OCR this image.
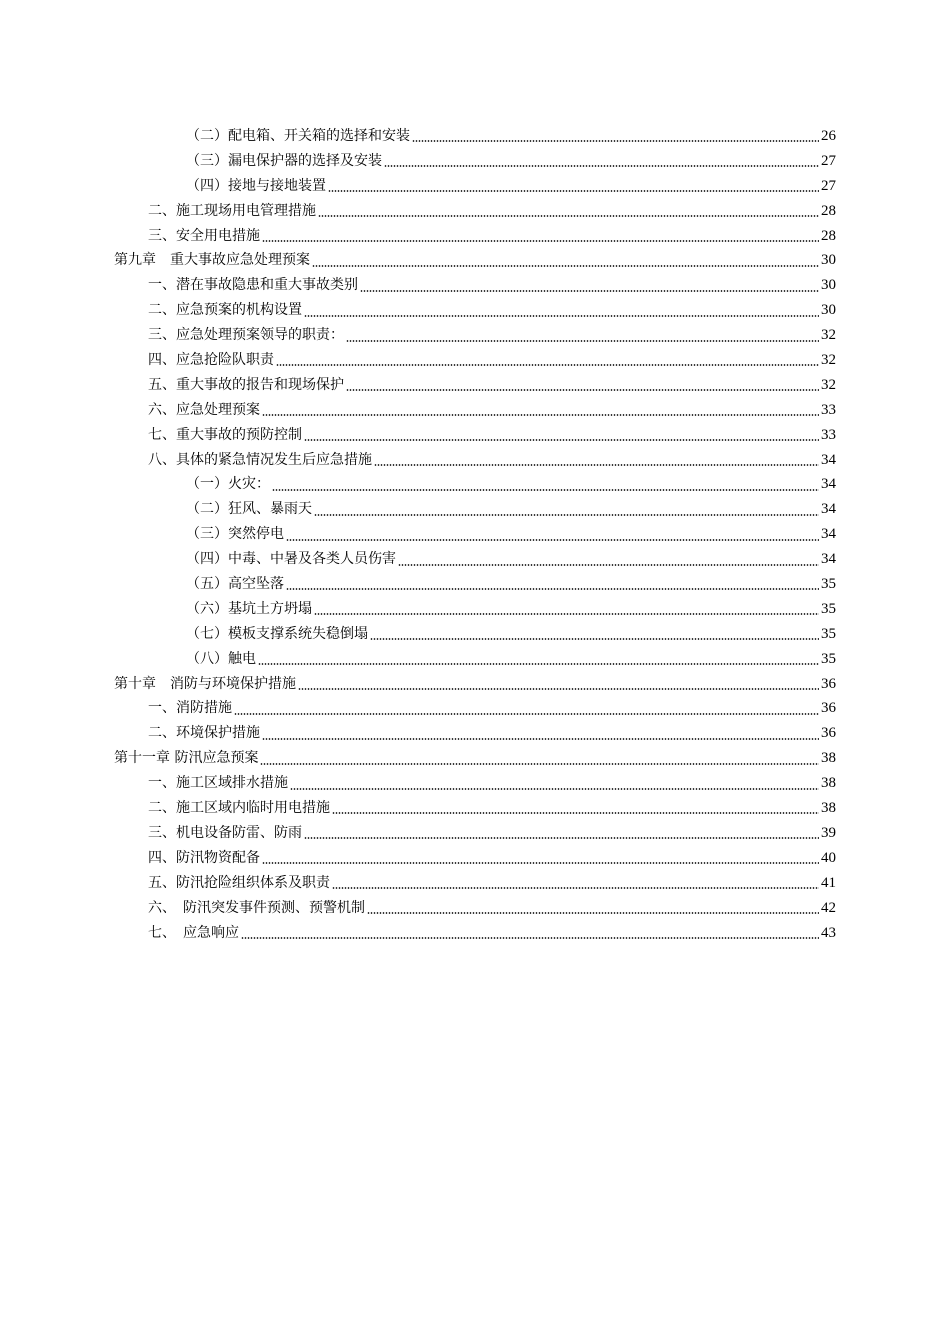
（二）配电箱、开关箱的选择和安装	26
（三）漏电保护器的选择及安装	27
（四）接地与接地装置	27
二、施工现场用电管理措施	28
三、安全用电措施	28
第九章　重大事故应急处理预案	30
一、潜在事故隐患和重大事故类别	30
二、应急预案的机构设置	30
三、应急处理预案领导的职责：	32
四、应急抢险队职责	32
五、重大事故的报告和现场保护	32
六、应急处理预案	33
七、重大事故的预防控制	33
八、具体的紧急情况发生后应急措施	34
（一）火灾：	34
（二）狂风、暴雨天	34
（三）突然停电	34
（四）中毒、中暑及各类人员伤害	34
（五）高空坠落	35
（六）基坑土方坍塌	35
（七）模板支撑系统失稳倒塌	35
（八）触电	35
第十章　消防与环境保护措施	36
一、消防措施	36
二、环境保护措施	36
第十一章 防汛应急预案	38
一、施工区域排水措施	38
二、施工区域内临时用电措施	38
三、机电设备防雷、防雨	39
四、防汛物资配备	40
五、防汛抢险组织体系及职责	41
六、　防汛突发事件预测、预警机制	42
七、　应急响应	43
